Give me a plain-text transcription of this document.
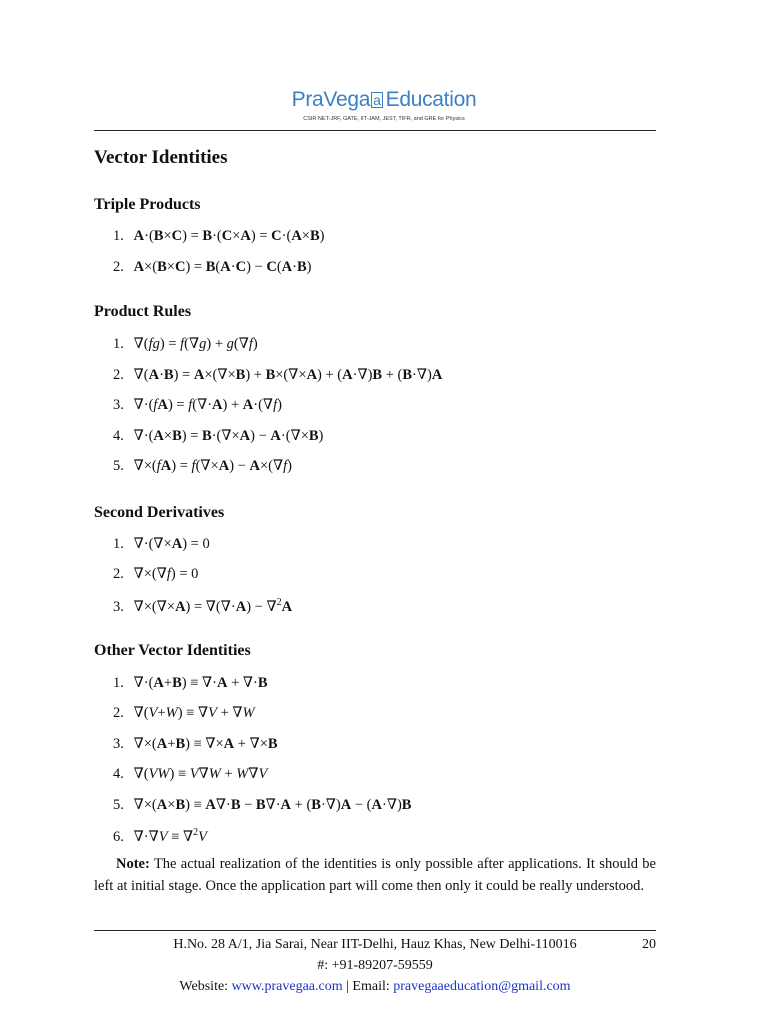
PraVega a Education
CSIR NET-JRF, GATE, IIT-JAM, JEST, TIFR, and GRE for Physics
Vector Identities
Triple Products
1. A·(B×C) = B·(C×A) = C·(A×B)
2. A×(B×C) = B(A·C) − C(A·B)
Product Rules
1. ∇(fg) = f(∇g) + g(∇f)
2. ∇(A·B) = A×(∇×B) + B×(∇×A) + (A·∇)B + (B·∇)A
3. ∇·(fA) = f(∇·A) + A·(∇f)
4. ∇·(A×B) = B·(∇×A) − A·(∇×B)
5. ∇×(fA) = f(∇×A) − A×(∇f)
Second Derivatives
1. ∇·(∇×A) = 0
2. ∇×(∇f) = 0
3. ∇×(∇×A) = ∇(∇·A) − ∇$^2$A
Other Vector Identities
1. ∇·(A+B) ≡ ∇·A + ∇·B
2. ∇(V+W) ≡ ∇V + ∇W
3. ∇×(A+B) ≡ ∇×A + ∇×B
4. ∇(VW) ≡ V∇W + W∇V
5. ∇×(A×B) ≡ A∇·B − B∇·A + (B·∇)A − (A·∇)B
6. ∇·∇V ≡ ∇$^2$V

Note: The actual realization of the identities is only possible after applications. It should be left at initial stage. Once the application part will come then only it could be really understood.

H.No. 28 A/1, Jia Sarai, Near IIT-Delhi, Hauz Khas, New Delhi-110016
#: +91-89207-59559
Website: www.pravegaa.com | Email: pravegaaeducation@gmail.com
20
